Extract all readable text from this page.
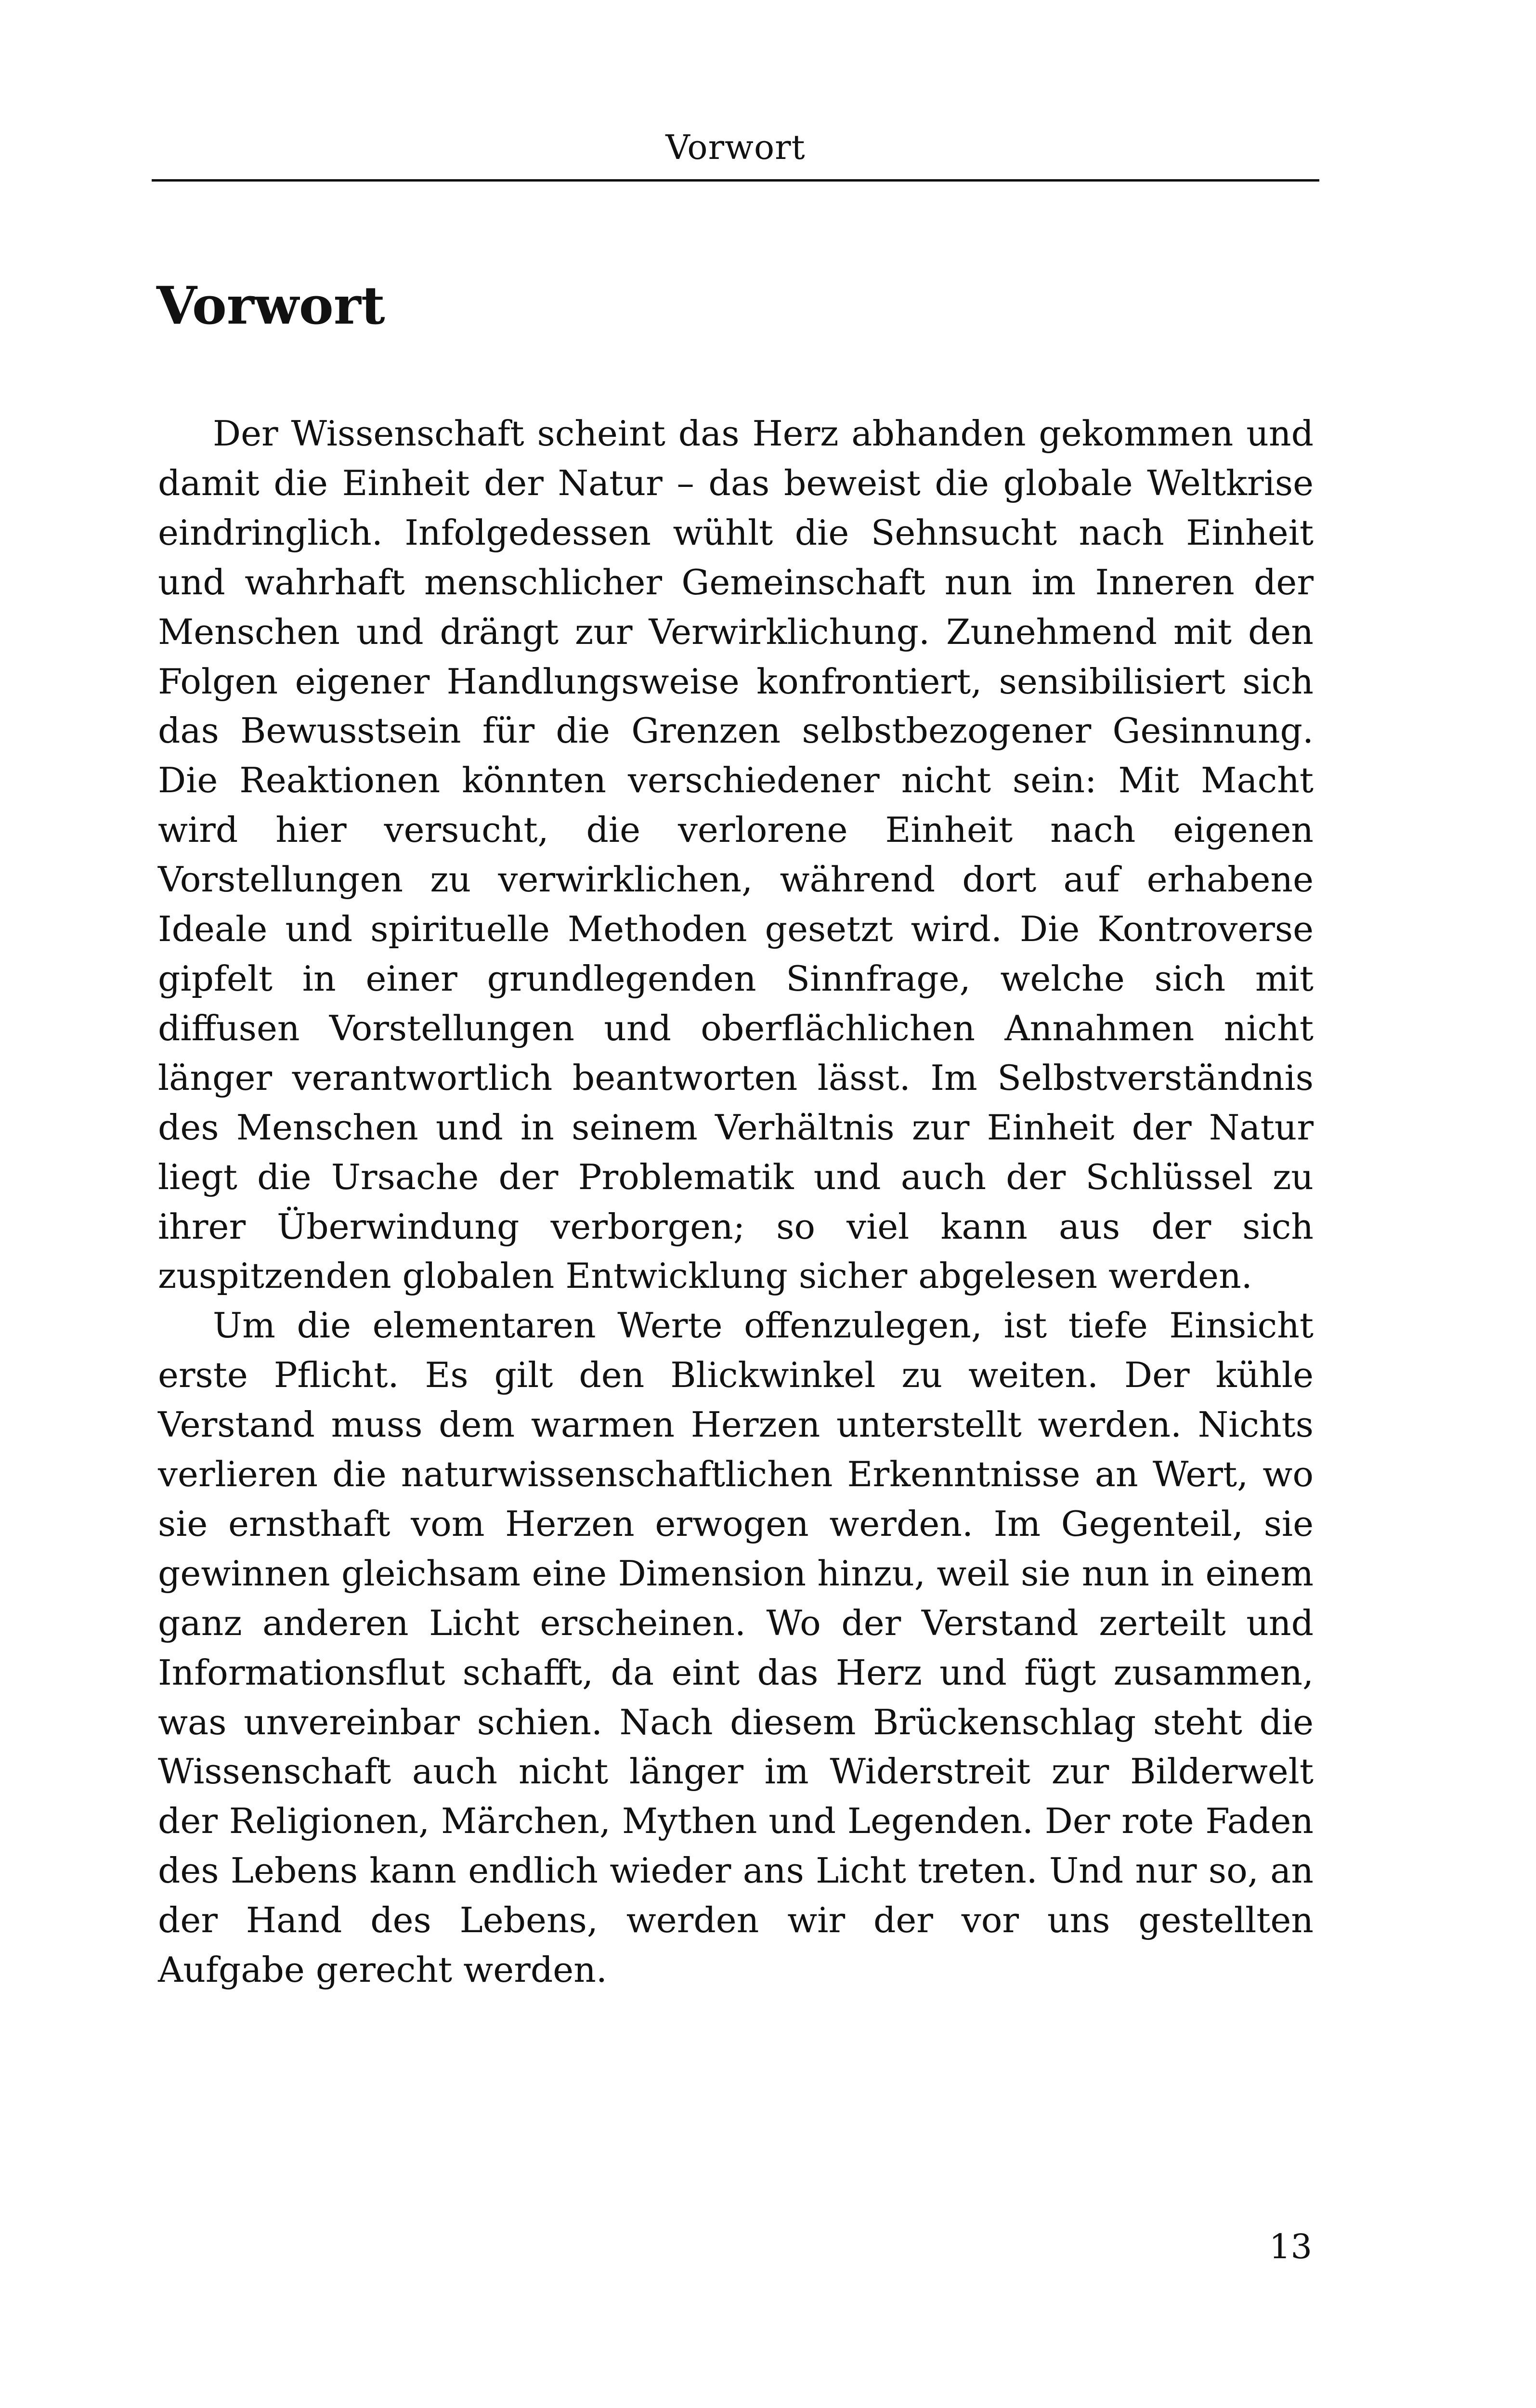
Vorwort
Vorwort

Der Wissenschaft scheint das Herz abhanden gekommen und damit die Einheit der Natur – das beweist die globale Weltkrise eindringlich. Infolgedessen wühlt die Sehnsucht nach Einheit und wahrhaft menschlicher Gemeinschaft nun im Inneren der Menschen und drängt zur Verwirklichung. Zunehmend mit den Folgen eigener Handlungsweise konfrontiert, sensibilisiert sich das Bewusstsein für die Grenzen selbstbezogener Gesinnung. Die Reaktionen könnten verschiedener nicht sein: Mit Macht wird hier versucht, die verlorene Einheit nach eigenen Vorstellungen zu verwirklichen, während dort auf erhabene Ideale und spirituelle Methoden gesetzt wird. Die Kontroverse gipfelt in einer grundlegenden Sinnfrage, welche sich mit diffusen Vorstellungen und oberflächlichen Annahmen nicht länger verantwortlich beantworten lässt. Im Selbstverständnis des Menschen und in seinem Verhältnis zur Einheit der Natur liegt die Ursache der Problematik und auch der Schlüssel zu ihrer Überwindung verborgen; so viel kann aus der sich zuspitzenden globalen Entwicklung sicher abgelesen werden.

Um die elementaren Werte offenzulegen, ist tiefe Einsicht erste Pflicht. Es gilt den Blickwinkel zu weiten. Der kühle Verstand muss dem warmen Herzen unterstellt werden. Nichts verlieren die naturwissenschaftlichen Erkenntnisse an Wert, wo sie ernsthaft vom Herzen erwogen werden. Im Gegenteil, sie gewinnen gleichsam eine Dimension hinzu, weil sie nun in einem ganz anderen Licht erscheinen. Wo der Verstand zerteilt und Informationsflut schafft, da eint das Herz und fügt zusammen, was unvereinbar schien. Nach diesem Brückenschlag steht die Wissenschaft auch nicht länger im Widerstreit zur Bilderwelt der Religionen, Märchen, Mythen und Legenden. Der rote Faden des Lebens kann endlich wieder ans Licht treten. Und nur so, an der Hand des Lebens, werden wir der vor uns gestellten Aufgabe gerecht werden.

13
